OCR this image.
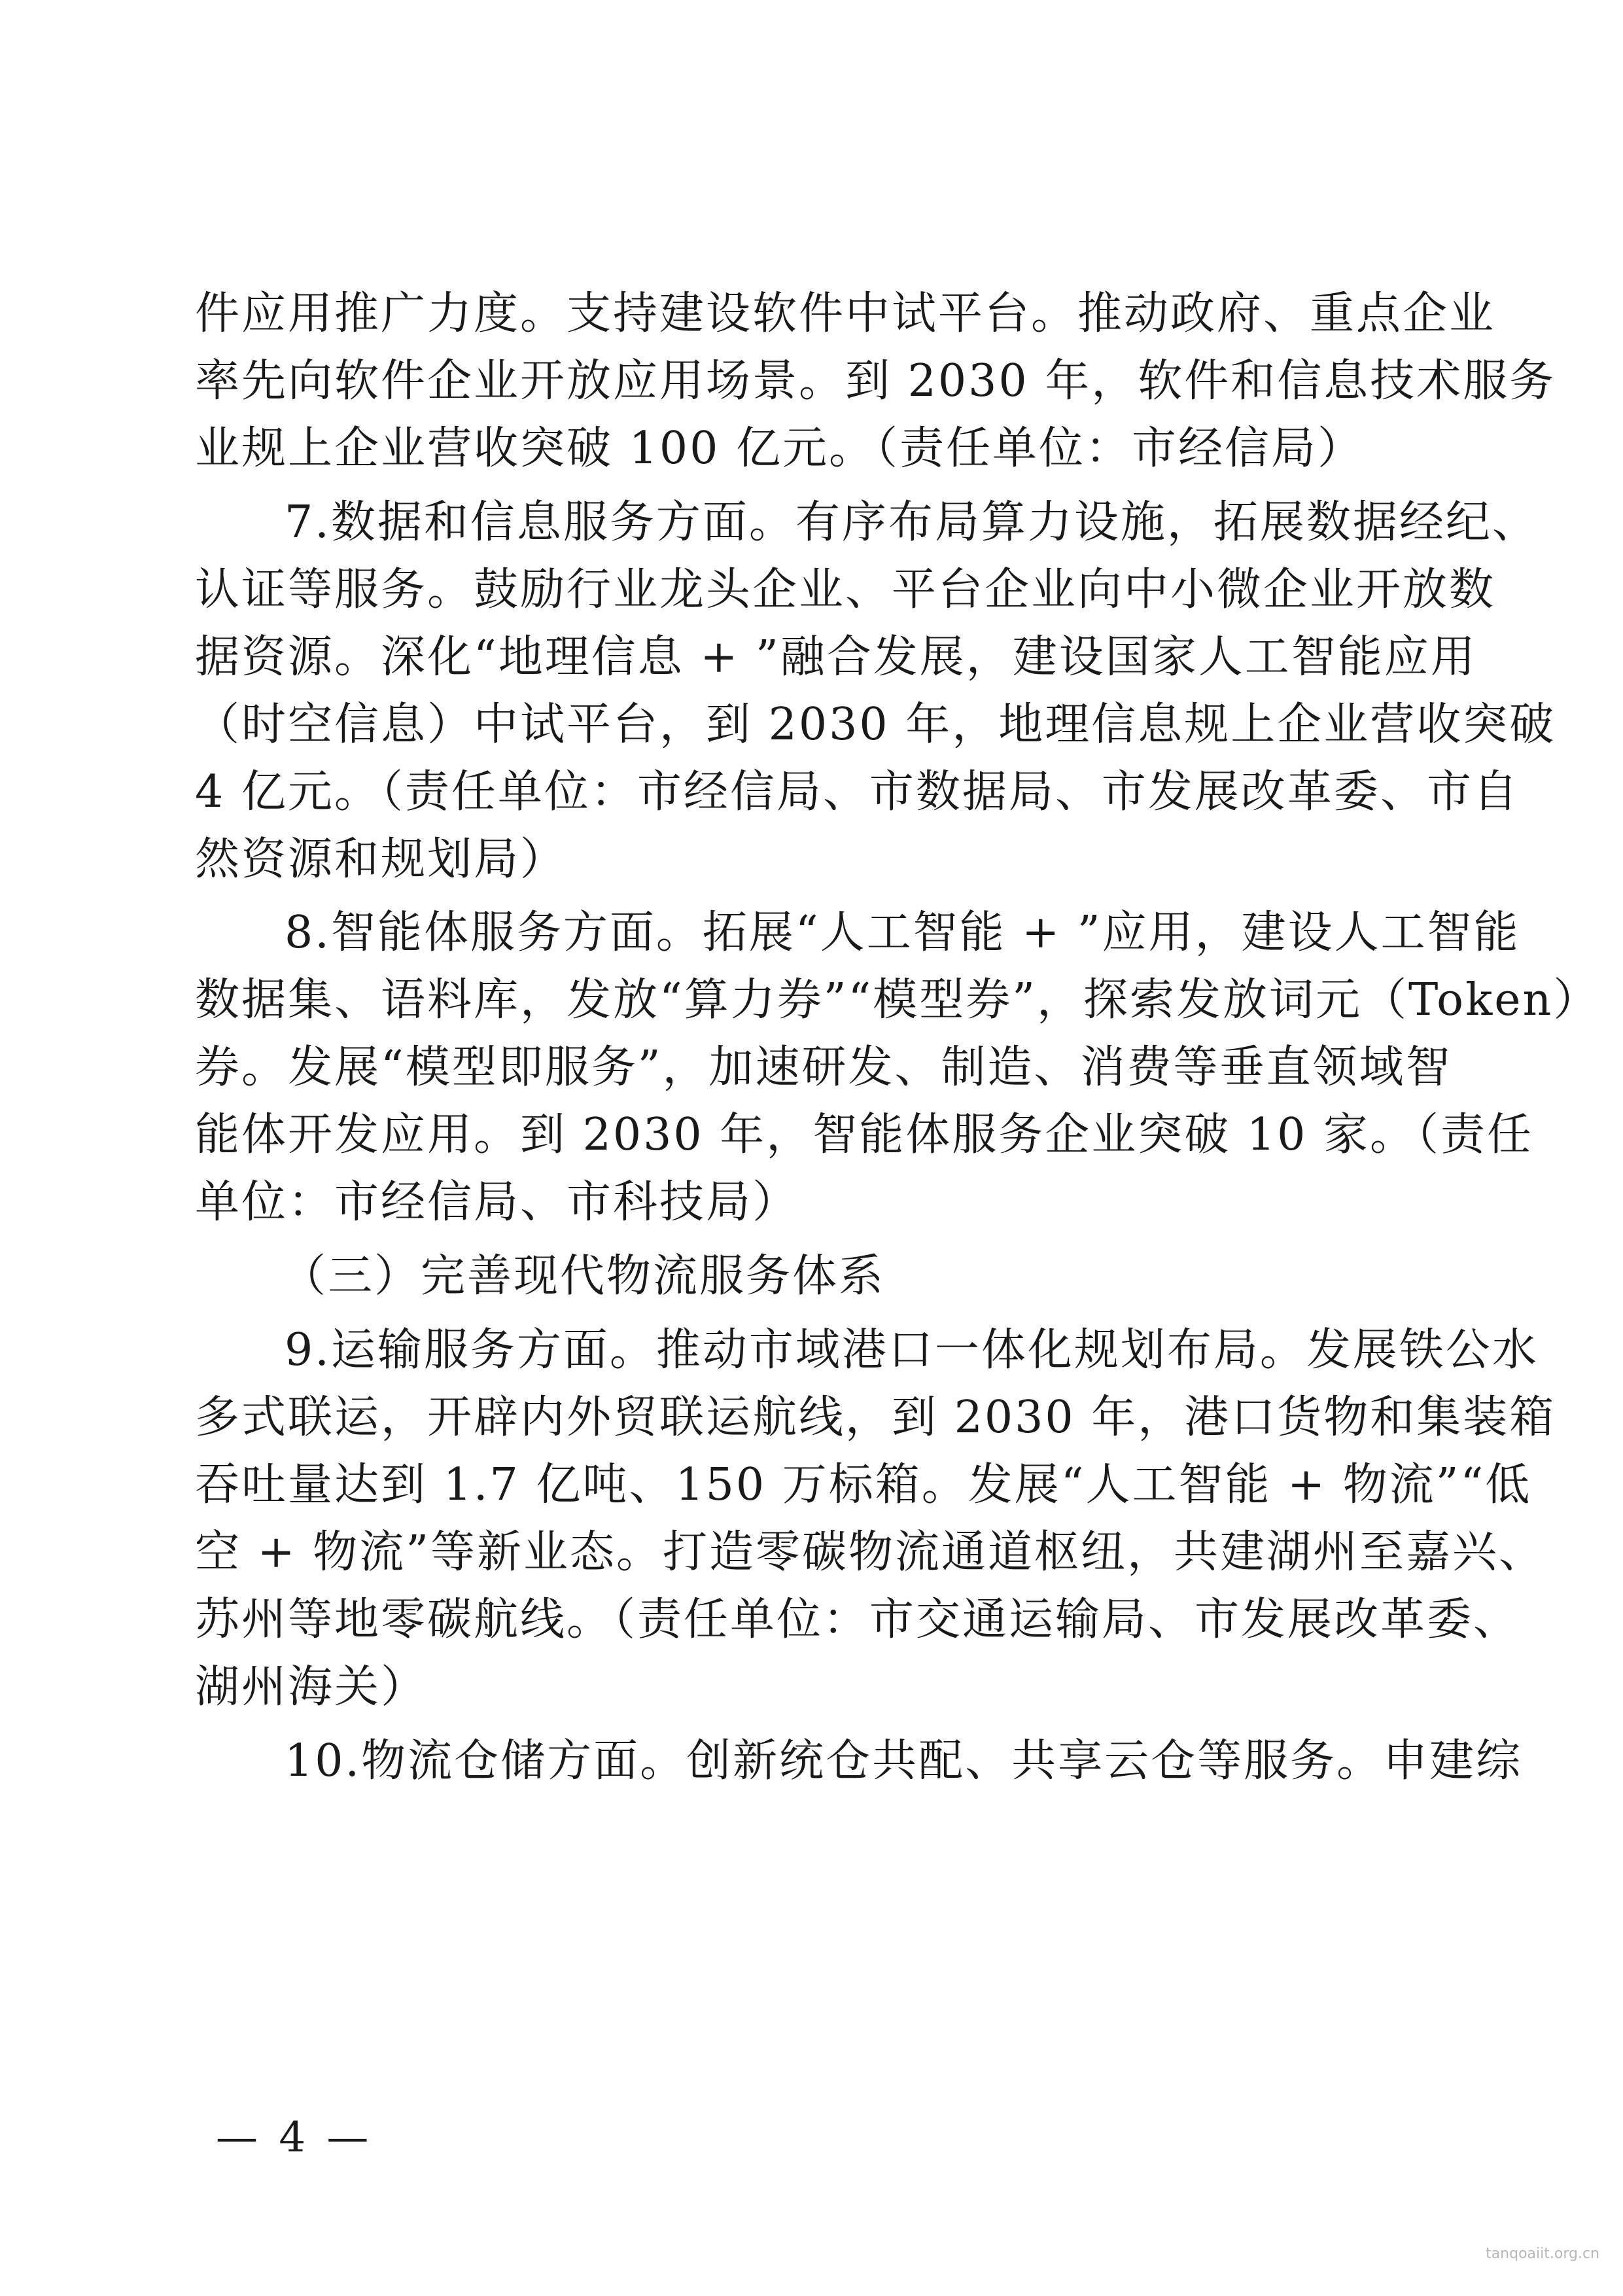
件应用推广力度。支持建设软件中试平台。推动政府、重点企业
率先向软件企业开放应用场景。到 2030 年，软件和信息技术服务
业规上企业营收突破 100 亿元。（责任单位：市经信局）
7.数据和信息服务方面。有序布局算力设施，拓展数据经纪、
认证等服务。鼓励行业龙头企业、平台企业向中小微企业开放数
据资源。深化“地理信息 + ”融合发展，建设国家人工智能应用
（时空信息）中试平台，到 2030 年，地理信息规上企业营收突破
4 亿元。（责任单位：市经信局、市数据局、市发展改革委、市自
然资源和规划局）
8.智能体服务方面。拓展“人工智能 + ”应用，建设人工智能
数据集、语料库，发放“算力券”“模型券”，探索发放词元（Token）
券。发展“模型即服务”，加速研发、制造、消费等垂直领域智
能体开发应用。到 2030 年，智能体服务企业突破 10 家。（责任
单位：市经信局、市科技局）
（三）完善现代物流服务体系
9.运输服务方面。推动市域港口一体化规划布局。发展铁公水
多式联运，开辟内外贸联运航线，到 2030 年，港口货物和集装箱
吞吐量达到 1.7 亿吨、150 万标箱。发展“人工智能 + 物流”“低
空 + 物流”等新业态。打造零碳物流通道枢纽，共建湖州至嘉兴、
苏州等地零碳航线。（责任单位：市交通运输局、市发展改革委、
湖州海关）
10.物流仓储方面。创新统仓共配、共享云仓等服务。申建综
— 4 —
tanqoaiit.org.cn
